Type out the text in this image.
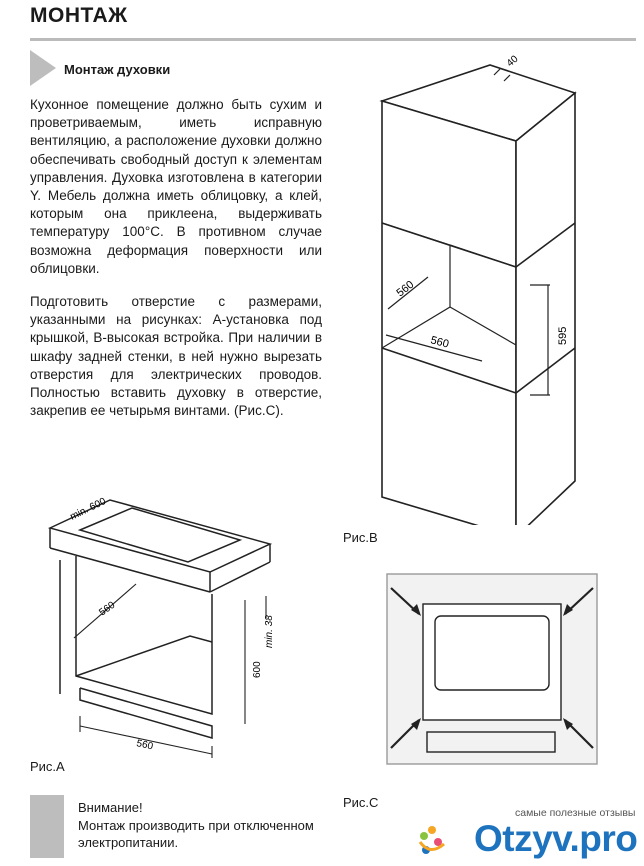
МОНТАЖ
Монтаж духовки

Кухонное помещение должно быть сухим и проветриваемым, иметь исправную вентиляцию, а расположение духовки должно обеспечивать свободный доступ к элементам управления. Духовка изготовлена в категории Y. Мебель должна иметь облицовку, а клей, которым она приклеена, выдерживать температуру 100°C. В противном случае возможна деформация поверхности или облицовки.

Подготовить отверстие с размерами, указанными на рисунках: А-установка под крышкой, В-высокая встройка. При наличии в шкафу задней стенки, в ней нужно вырезать отверстия для электрических проводов. Полностью вставить духовку в отверстие, закрепив ее четырьмя винтами. (Рис.С).

40
560
560	595
Рис.B
min. 600
560
600
min. 38
560
Рис.A
Рис.C
Внимание!
Монтаж производить при отключенном электропитании.
самые полезные отзывы
Otzyv.pro
